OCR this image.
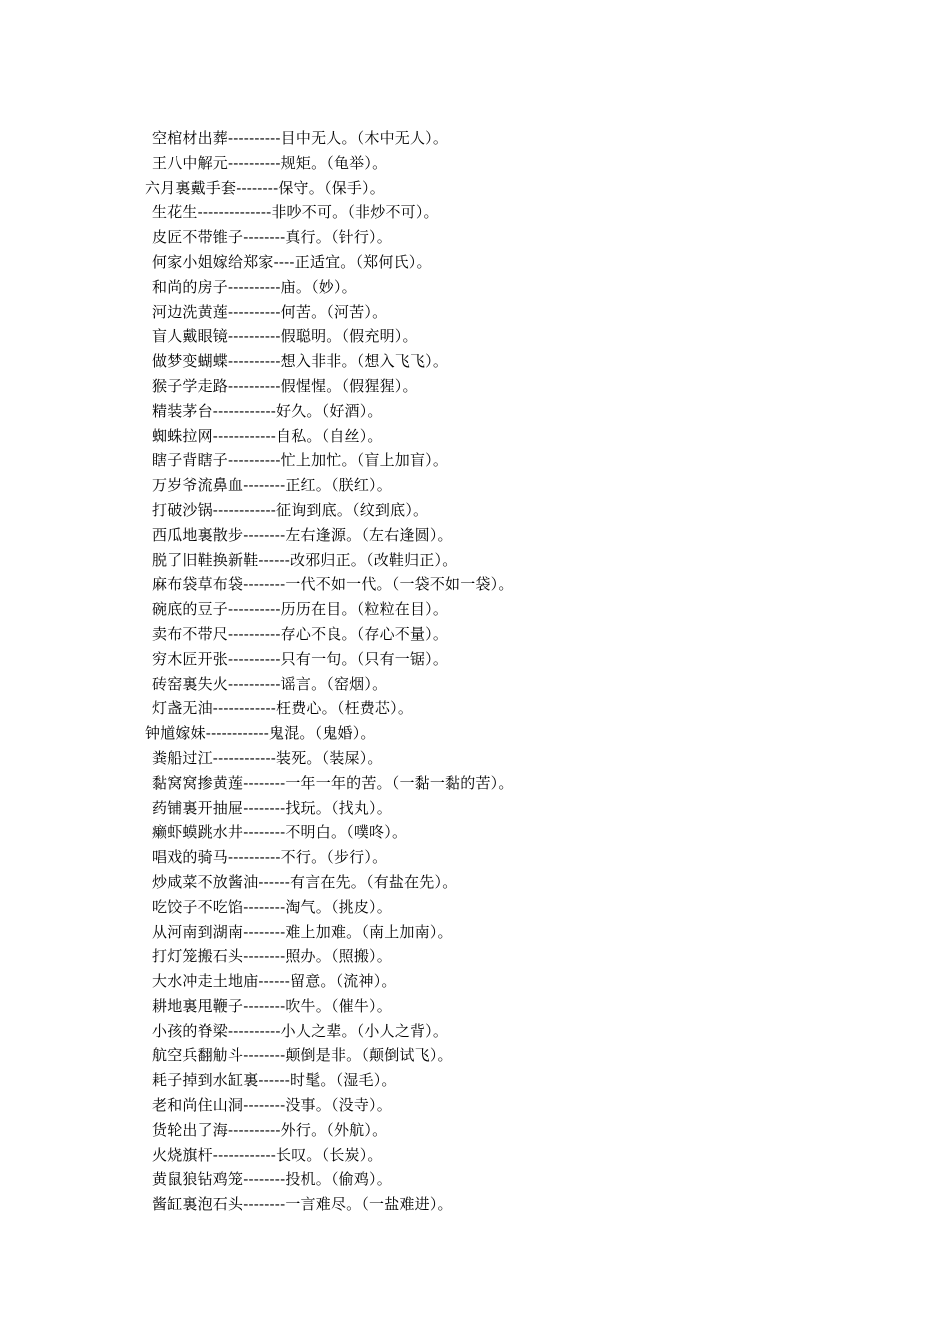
空棺材出葬----------目中无人。（木中无人）。
王八中解元----------规矩。（龟举）。
六月裏戴手套--------保守。（保手）。
生花生--------------非吵不可。（非炒不可）。
皮匠不带锥子--------真行。（针行）。
何家小姐嫁给郑家----正适宜。（郑何氏）。
和尚的房子----------庙。（妙）。
河边洗黄莲----------何苦。（河苦）。
盲人戴眼镜----------假聪明。（假充明）。
做梦变蝴蝶----------想入非非。（想入飞飞）。
猴子学走路----------假惺惺。（假猩猩）。
精装茅台------------好久。（好酒）。
蜘蛛拉网------------自私。（自丝）。
瞎子背瞎子----------忙上加忙。（盲上加盲）。
万岁爷流鼻血--------正红。（朕红）。
打破沙锅------------征询到底。（纹到底）。
西瓜地裏散步--------左右逢源。（左右逢圆）。
脱了旧鞋换新鞋------改邪归正。（改鞋归正）。
麻布袋草布袋--------一代不如一代。（一袋不如一袋）。
碗底的豆子----------历历在目。（粒粒在目）。
卖布不带尺----------存心不良。（存心不量）。
穷木匠开张----------只有一句。（只有一锯）。
砖窑裏失火----------谣言。（窑烟）。
灯盏无油------------枉费心。（枉费芯）。
钟馗嫁妹------------鬼混。（鬼婚）。
粪船过江------------装死。（装屎）。
黏窝窝掺黄莲--------一年一年的苦。（一黏一黏的苦）。
药铺裏开抽屉--------找玩。（找丸）。
癞虾蟆跳水井--------不明白。（噗咚）。
唱戏的骑马----------不行。（步行）。
炒咸菜不放酱油------有言在先。（有盐在先）。
吃饺子不吃馅--------淘气。（挑皮）。
从河南到湖南--------难上加难。（南上加南）。
打灯笼搬石头--------照办。（照搬）。
大水冲走土地庙------留意。（流神）。
耕地裏甩鞭子--------吹牛。（催牛）。
小孩的脊梁----------小人之辈。（小人之背）。
航空兵翻觔斗--------颠倒是非。（颠倒试飞）。
耗子掉到水缸裏------时髦。（湿毛）。
老和尚住山洞--------没事。（没寺）。
货轮出了海----------外行。（外航）。
火烧旗杆------------长叹。（长炭）。
黄鼠狼钻鸡笼--------投机。（偷鸡）。
酱缸裏泡石头--------一言难尽。（一盐难进）。
